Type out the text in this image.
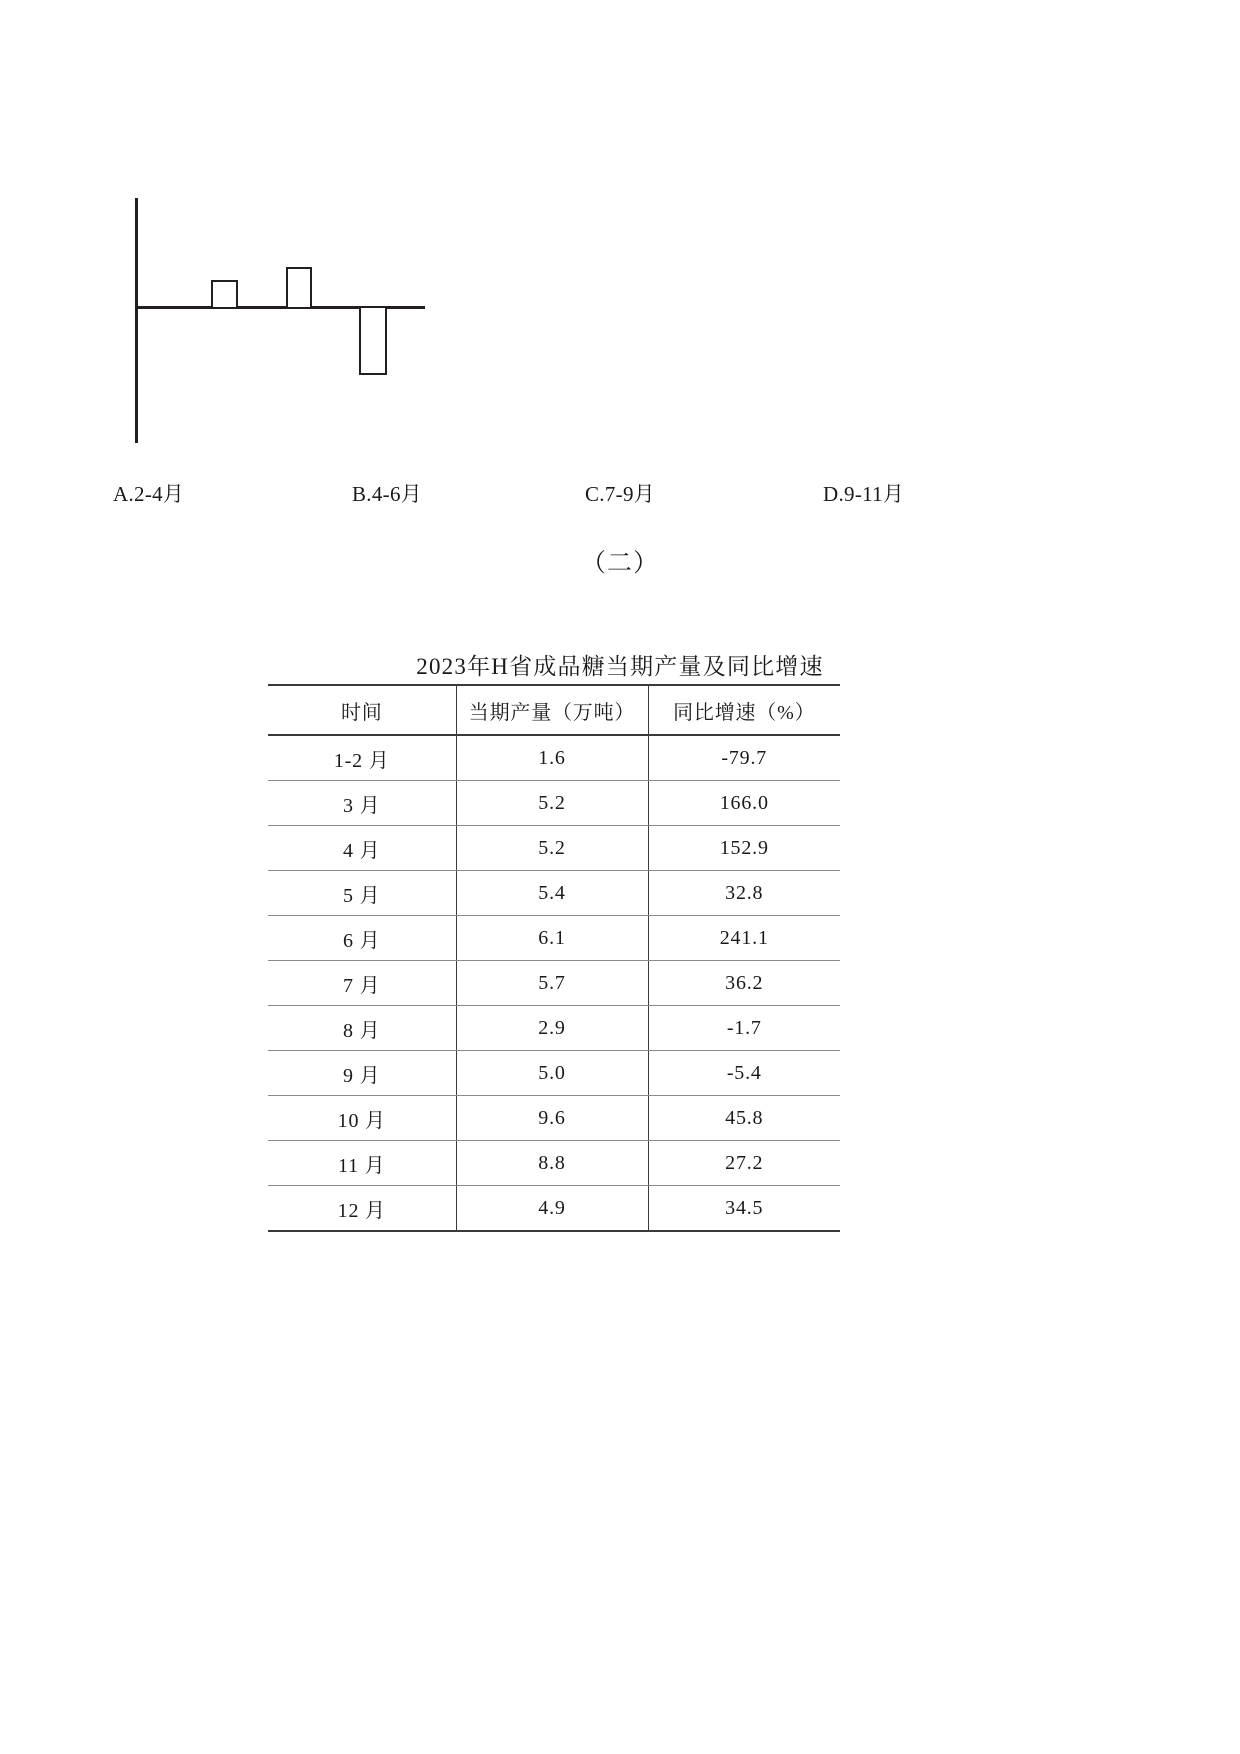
A.2-4月	B.4-6月	C.7-9月	D.9-11月
（二）
2023年H省成品糖当期产量及同比增速
时间	当期产量（万吨）	同比增速（%）
1-2 月	1.6	-79.7
3 月	5.2	166.0
4 月	5.2	152.9
5 月	5.4	32.8
6 月	6.1	241.1
7 月	5.7	36.2
8 月	2.9	-1.7
9 月	5.0	-5.4
10 月	9.6	45.8
11 月	8.8	27.2
12 月	4.9	34.5
